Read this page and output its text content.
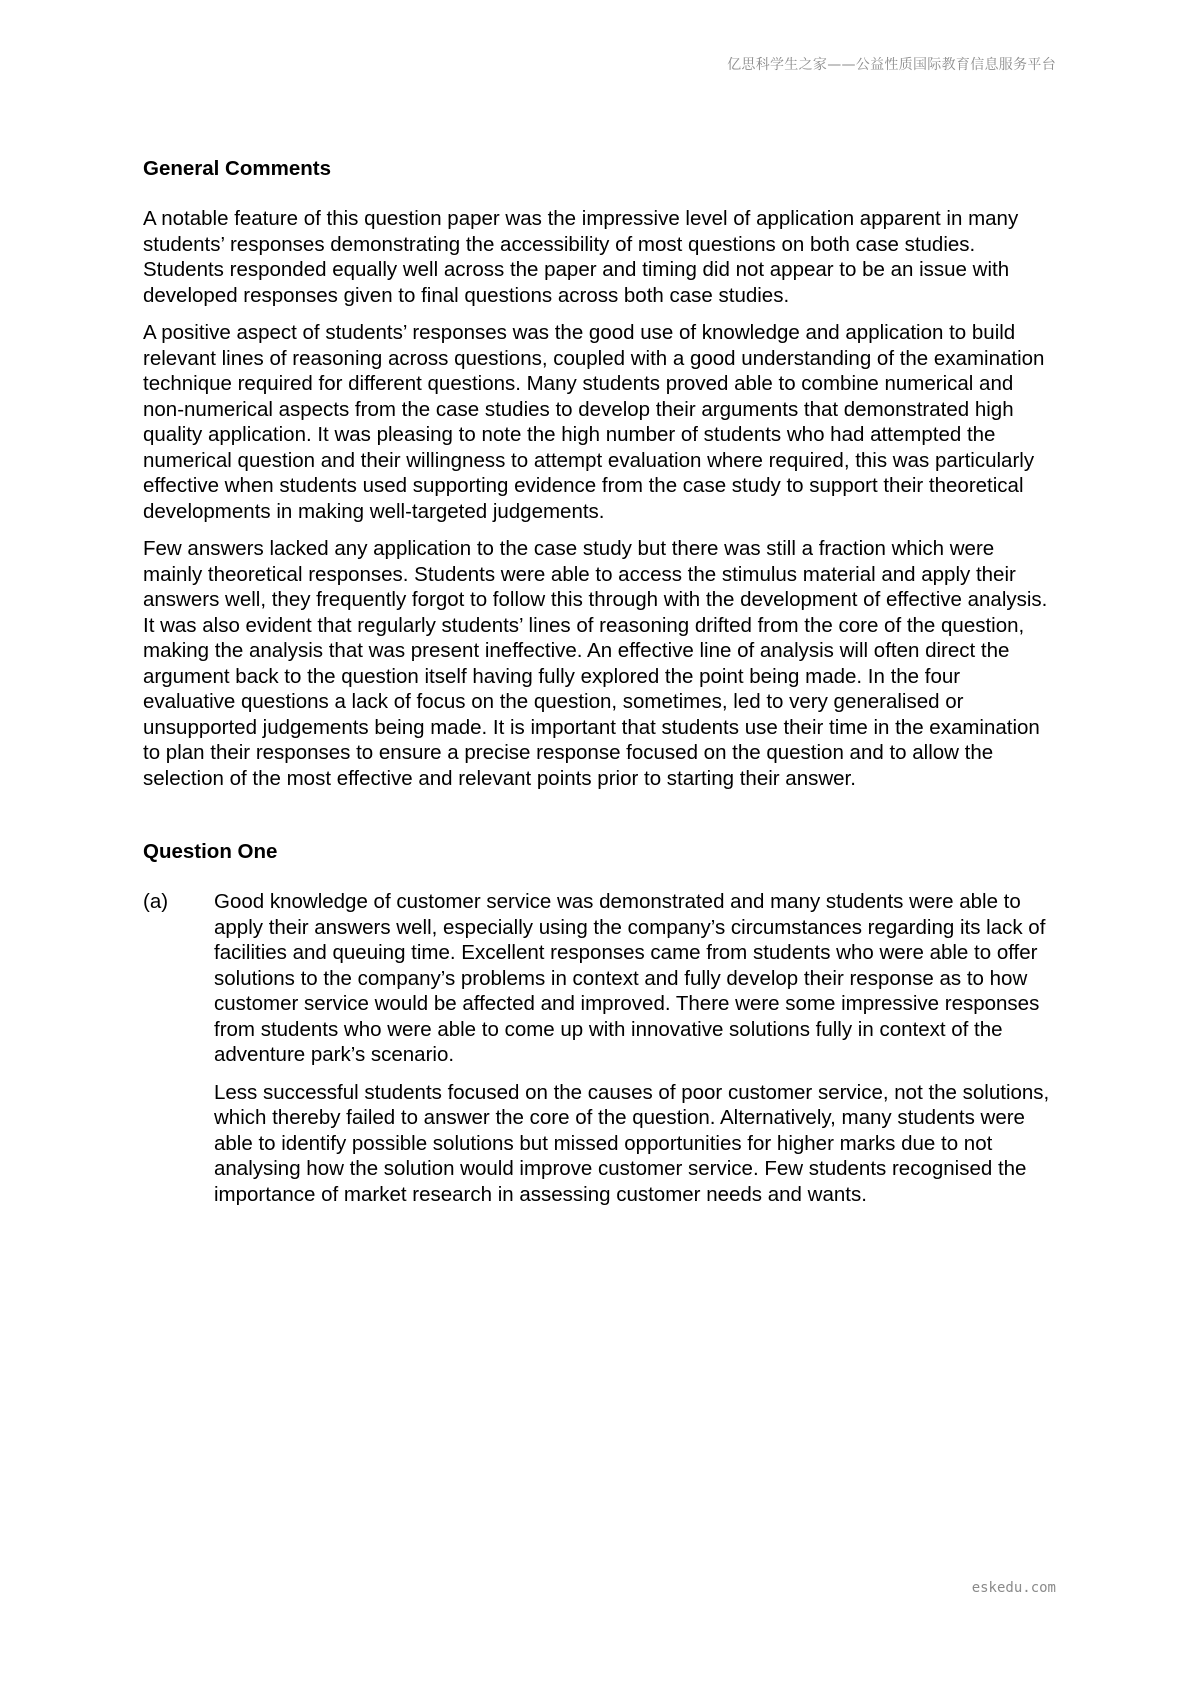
亿思科学生之家——公益性质国际教育信息服务平台
General Comments

A notable feature of this question paper was the impressive level of application apparent in many students’ responses demonstrating the accessibility of most questions on both case studies. Students responded equally well across the paper and timing did not appear to be an issue with developed responses given to final questions across both case studies.

A positive aspect of students’ responses was the good use of knowledge and application to build relevant lines of reasoning across questions, coupled with a good understanding of the examination technique required for different questions. Many students proved able to combine numerical and non-numerical aspects from the case studies to develop their arguments that demonstrated high quality application. It was pleasing to note the high number of students who had attempted the numerical question and their willingness to attempt evaluation where required, this was particularly effective when students used supporting evidence from the case study to support their theoretical developments in making well-targeted judgements.

Few answers lacked any application to the case study but there was still a fraction which were mainly theoretical responses. Students were able to access the stimulus material and apply their answers well, they frequently forgot to follow this through with the development of effective analysis. It was also evident that regularly students’ lines of reasoning drifted from the core of the question, making the analysis that was present ineffective. An effective line of analysis will often direct the argument back to the question itself having fully explored the point being made. In the four evaluative questions a lack of focus on the question, sometimes, led to very generalised or unsupported judgements being made. It is important that students use their time in the examination to plan their responses to ensure a precise response focused on the question and to allow the selection of the most effective and relevant points prior to starting their answer.

Question One
(a)	Good knowledge of customer service was demonstrated and many students were able to apply their answers well, especially using the company’s circumstances regarding its lack of facilities and queuing time. Excellent responses came from students who were able to offer solutions to the company’s problems in context and fully develop their response as to how customer service would be affected and improved. There were some impressive responses from students who were able to come up with innovative solutions fully in context of the adventure park’s scenario.

Less successful students focused on the causes of poor customer service, not the solutions, which thereby failed to answer the core of the question. Alternatively, many students were able to identify possible solutions but missed opportunities for higher marks due to not analysing how the solution would improve customer service. Few students recognised the importance of market research in assessing customer needs and wants.

eskedu.com
